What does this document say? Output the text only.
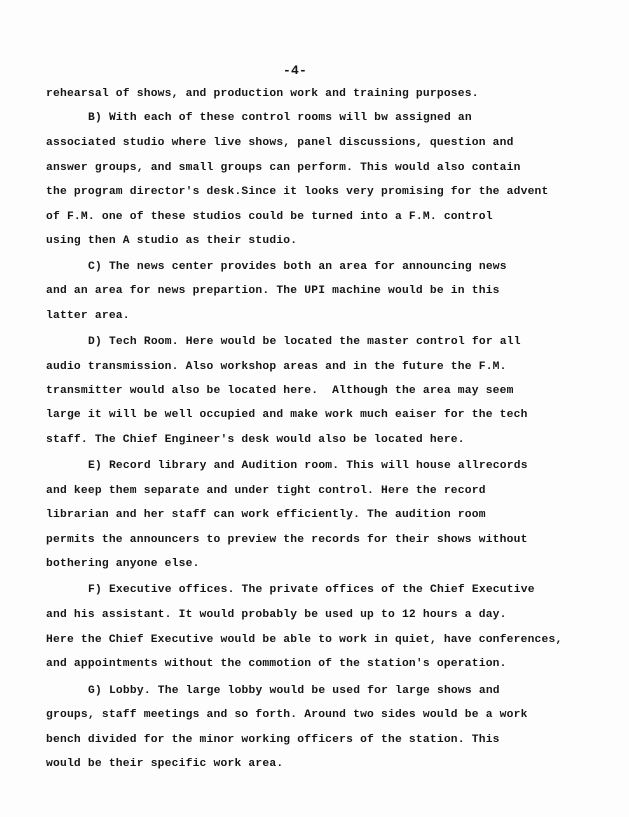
-4-
rehearsal of shows, and production work and training purposes.
B) With each of these control rooms will bw assigned an
associated studio where live shows, panel discussions, question and
answer groups, and small groups can perform. This would also contain
the program director's desk.Since it looks very promising for the advent
of F.M. one of these studios could be turned into a F.M. control
using then A studio as their studio.
C) The news center provides both an area for announcing news
and an area for news prepartion. The UPI machine would be in this
latter area.
D) Tech Room. Here would be located the master control for all
audio transmission. Also workshop areas and in the future the F.M.
transmitter would also be located here.  Although the area may seem
large it will be well occupied and make work much eaiser for the tech
staff. The Chief Engineer's desk would also be located here.
E) Record library and Audition room. This will house allrecords
and keep them separate and under tight control. Here the record
librarian and her staff can work efficiently. The audition room
permits the announcers to preview the records for their shows without
bothering anyone else.
F) Executive offices. The private offices of the Chief Executive
and his assistant. It would probably be used up to 12 hours a day.
Here the Chief Executive would be able to work in quiet, have conferences,
and appointments without the commotion of the station's operation.
G) Lobby. The large lobby would be used for large shows and
groups, staff meetings and so forth. Around two sides would be a work
bench divided for the minor working officers of the station. This
would be their specific work area.
